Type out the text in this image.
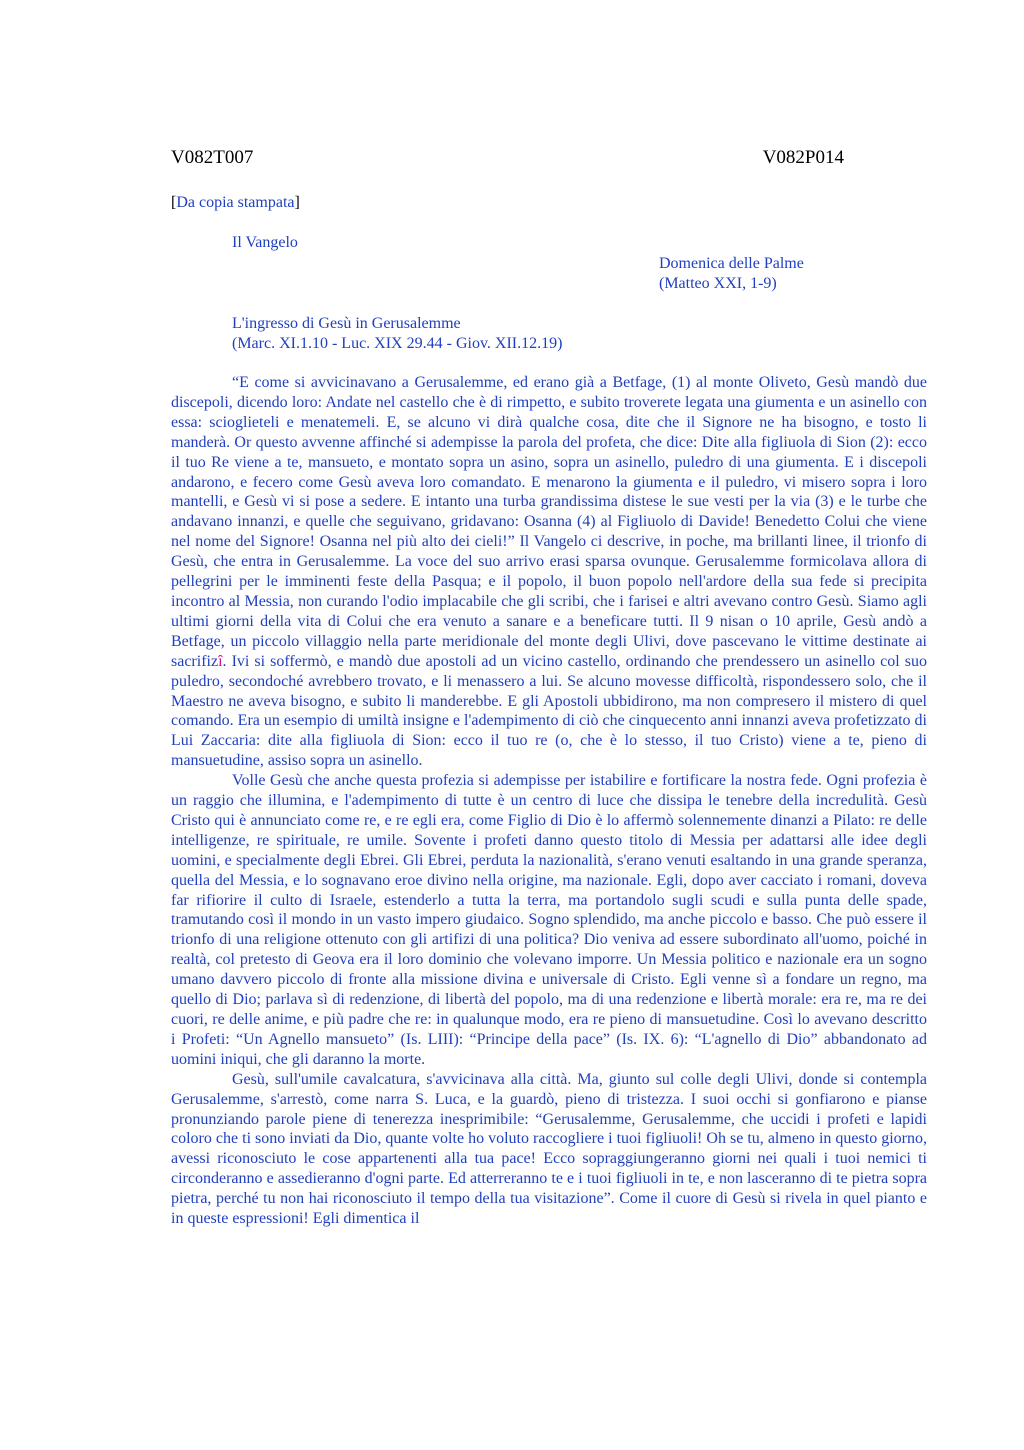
V082T007	V082P014
[Da copia stampata]
Il Vangelo
Domenica delle Palme
(Matteo XXI, 1-9)
L'ingresso di Gesù in Gerusalemme
(Marc. XI.1.10 - Luc. XIX 29.44 - Giov. XII.12.19)

“E come si avvicinavano a Gerusalemme, ed erano già a Betfage, (1) al monte Oliveto, Gesù mandò due discepoli, dicendo loro: Andate nel castello che è di rimpetto, e subito troverete legata una giumenta e un asinello con essa: scioglieteli e menatemeli. E, se alcuno vi dirà qualche cosa, dite che il Signore ne ha bisogno, e tosto li manderà. Or questo avvenne affinché si adempisse la parola del profeta, che dice: Dite alla figliuola di Sion (2): ecco il tuo Re viene a te, mansueto, e montato sopra un asino, sopra un asinello, puledro di una giumenta. E i discepoli andarono, e fecero come Gesù aveva loro comandato. E menarono la giumenta e il puledro, vi misero sopra i loro mantelli, e Gesù vi si pose a sedere. E intanto una turba grandissima distese le sue vesti per la via (3) e le turbe che andavano innanzi, e quelle che seguivano, gridavano: Osanna (4) al Figliuolo di Davide! Benedetto Colui che viene nel nome del Signore! Osanna nel più alto dei cieli!” Il Vangelo ci descrive, in poche, ma brillanti linee, il trionfo di Gesù, che entra in Gerusalemme. La voce del suo arrivo erasi sparsa ovunque. Gerusalemme formicolava allora di pellegrini per le imminenti feste della Pasqua; e il popolo, il buon popolo nell'ardore della sua fede si precipita incontro al Messia, non curando l'odio implacabile che gli scribi, che i farisei e altri avevano contro Gesù. Siamo agli ultimi giorni della vita di Colui che era venuto a sanare e a beneficare tutti. Il 9 nisan o 10 aprile, Gesù andò a Betfage, un piccolo villaggio nella parte meridionale del monte degli Ulivi, dove pascevano le vittime destinate ai sacrifizî. Ivi si soffermò, e mandò due apostoli ad un vicino castello, ordinando che prendessero un asinello col suo puledro, secondoché avrebbero trovato, e li menassero a lui. Se alcuno movesse difficoltà, rispondessero solo, che il Maestro ne aveva bisogno, e subito li manderebbe. E gli Apostoli ubbidirono, ma non compresero il mistero di quel comando. Era un esempio di umiltà insigne e l'adempimento di ciò che cinquecento anni innanzi aveva profetizzato di Lui Zaccaria: dite alla figliuola di Sion: ecco il tuo re (o, che è lo stesso, il tuo Cristo) viene a te, pieno di mansuetudine, assiso sopra un asinello.

Volle Gesù che anche questa profezia si adempisse per istabilire e fortificare la nostra fede. Ogni profezia è un raggio che illumina, e l'adempimento di tutte è un centro di luce che dissipa le tenebre della incredulità. Gesù Cristo qui è annunciato come re, e re egli era, come Figlio di Dio è lo affermò solennemente dinanzi a Pilato: re delle intelligenze, re spirituale, re umile. Sovente i profeti danno questo titolo di Messia per adattarsi alle idee degli uomini, e specialmente degli Ebrei. Gli Ebrei, perduta la nazionalità, s'erano venuti esaltando in una grande speranza, quella del Messia, e lo sognavano eroe divino nella origine, ma nazionale. Egli, dopo aver cacciato i romani, doveva far rifiorire il culto di Israele, estenderlo a tutta la terra, ma portandolo sugli scudi e sulla punta delle spade, tramutando così il mondo in un vasto impero giudaico. Sogno splendido, ma anche piccolo e basso. Che può essere il trionfo di una religione ottenuto con gli artifizi di una politica? Dio veniva ad essere subordinato all'uomo, poiché in realtà, col pretesto di Geova era il loro dominio che volevano imporre. Un Messia politico e nazionale era un sogno umano davvero piccolo di fronte alla missione divina e universale di Cristo. Egli venne sì a fondare un regno, ma quello di Dio; parlava sì di redenzione, di libertà del popolo, ma di una redenzione e libertà morale: era re, ma re dei cuori, re delle anime, e più padre che re: in qualunque modo, era re pieno di mansuetudine. Così lo avevano descritto i Profeti: “Un Agnello mansueto” (Is. LIII): “Principe della pace” (Is. IX. 6): “L'agnello di Dio” abbandonato ad uomini iniqui, che gli daranno la morte.

Gesù, sull'umile cavalcatura, s'avvicinava alla città. Ma, giunto sul colle degli Ulivi, donde si contempla Gerusalemme, s'arrestò, come narra S. Luca, e la guardò, pieno di tristezza. I suoi occhi si gonfiarono e pianse pronunziando parole piene di tenerezza inesprimibile: “Gerusalemme, Gerusalemme, che uccidi i profeti e lapidi coloro che ti sono inviati da Dio, quante volte ho voluto raccogliere i tuoi figliuoli! Oh se tu, almeno in questo giorno, avessi riconosciuto le cose appartenenti alla tua pace! Ecco sopraggiungeranno giorni nei quali i tuoi nemici ti circonderanno e assedieranno d'ogni parte. Ed atterreranno te e i tuoi figliuoli in te, e non lasceranno di te pietra sopra pietra, perché tu non hai riconosciuto il tempo della tua visitazione”. Come il cuore di Gesù si rivela in quel pianto e in queste espressioni! Egli dimentica il
